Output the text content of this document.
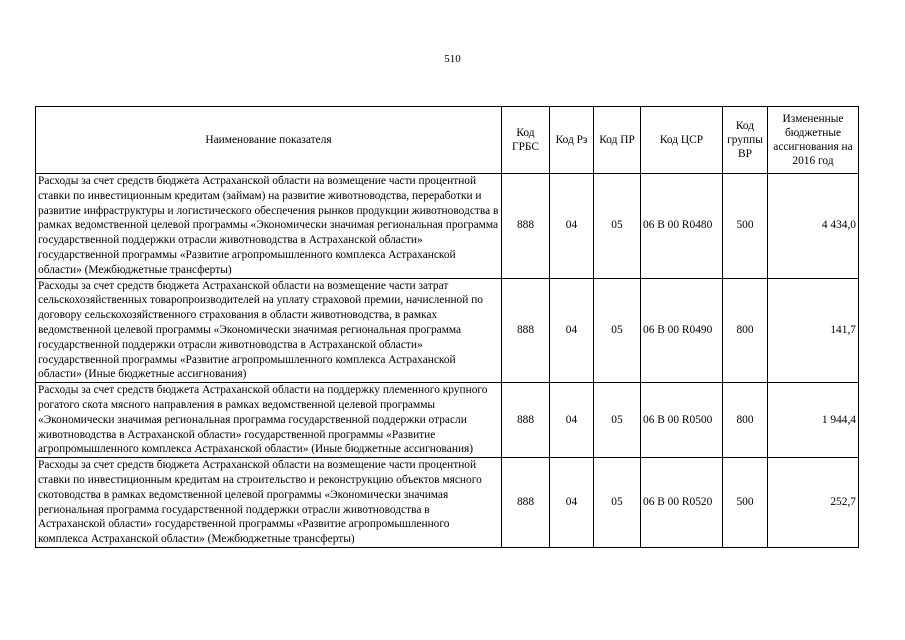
510
Наименование показателя	Код ГРБС	Код Рз	Код ПР	Код ЦСР	Код группы ВР	Измененные бюджетные ассигнования на 2016 год
Расходы за счет средств бюджета Астраханской области на возмещение части процентной ставки по инвестиционным кредитам (займам) на развитие животноводства, переработки и развитие инфраструктуры и логистического обеспечения рынков продукции животноводства в рамках ведомственной целевой программы «Экономически значимая региональная программа государственной поддержки отрасли животноводства в Астраханской области» государственной программы «Развитие агропромышленного комплекса Астраханской области» (Межбюджетные трансферты)	888	04	05	06 В 00 R0480	500	4 434,0
Расходы за счет средств бюджета Астраханской области на возмещение части затрат сельскохозяйственных товаропроизводителей на уплату страховой премии, начисленной по договору сельскохозяйственного страхования в области животноводства, в рамках ведомственной целевой программы «Экономически значимая региональная программа государственной поддержки отрасли животноводства в Астраханской области» государственной программы «Развитие агропромышленного комплекса Астраханской области» (Иные бюджетные ассигнования)	888	04	05	06 В 00 R0490	800	141,7
Расходы за счет средств бюджета Астраханской области на поддержку племенного крупного рогатого скота мясного направления в рамках ведомственной целевой программы «Экономически значимая региональная программа государственной поддержки отрасли животноводства в Астраханской области» государственной программы «Развитие агропромышленного комплекса Астраханской области» (Иные бюджетные ассигнования)	888	04	05	06 В 00 R0500	800	1 944,4
Расходы за счет средств бюджета Астраханской области на возмещение части процентной ставки по инвестиционным кредитам на строительство и реконструкцию объектов мясного скотоводства в рамках ведомственной целевой программы «Экономически значимая региональная программа государственной поддержки отрасли животноводства в Астраханской области» государственной программы «Развитие агропромышленного комплекса Астраханской области» (Межбюджетные трансферты)	888	04	05	06 В 00 R0520	500	252,7
